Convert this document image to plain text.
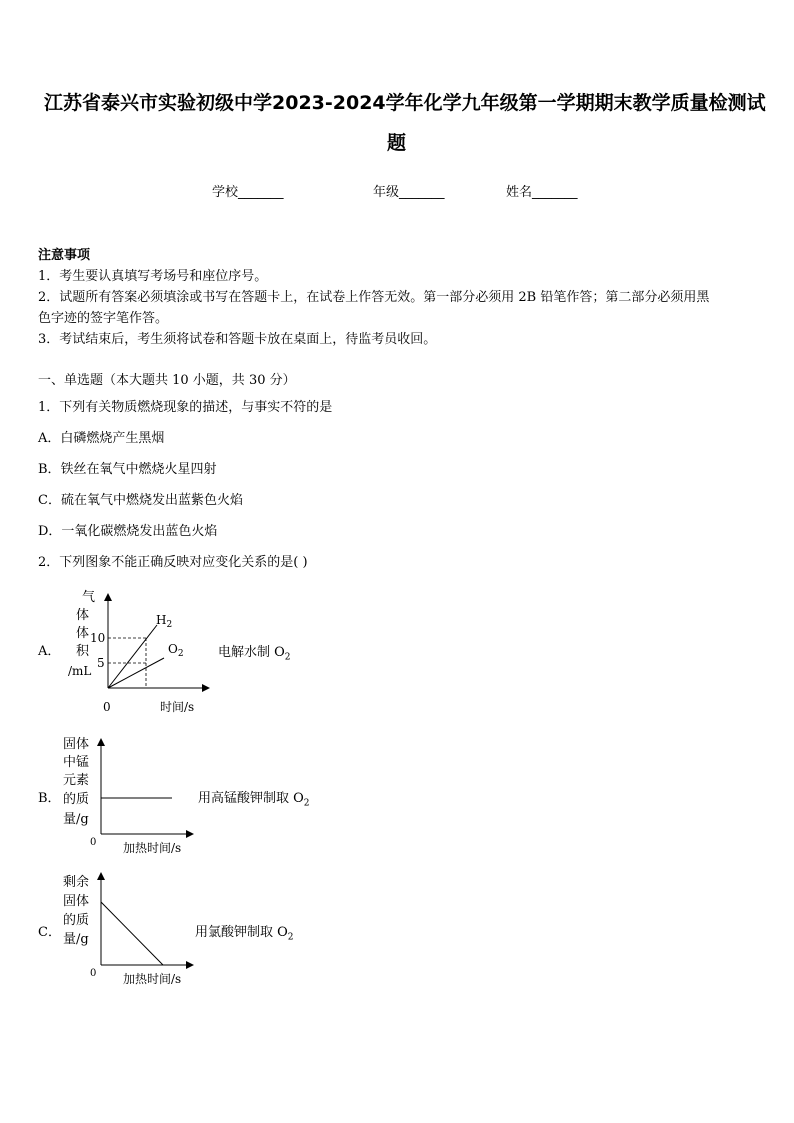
江苏省泰兴市实验初级中学2023-2024学年化学九年级第一学期期末教学质量检测试
题
学校_______	年级_______	姓名_______
注意事项
1．考生要认真填写考场号和座位序号。
2．试题所有答案必须填涂或书写在答题卡上，在试卷上作答无效。第一部分必须用 2B 铅笔作答；第二部分必须用黑
色字迹的签字笔作答。
3．考试结束后，考生须将试卷和答题卡放在桌面上，待监考员收回。
一、单选题（本大题共 10 小题，共 30 分）
1．下列有关物质燃烧现象的描述，与事实不符的是
A．白磷燃烧产生黑烟
B．铁丝在氧气中燃烧火星四射
C．硫在氧气中燃烧发出蓝紫色火焰
D．一氧化碳燃烧发出蓝色火焰
2．下列图象不能正确反映对应变化关系的是( )
A．
气
体
体
积
/mL
10
5
0	时间/s
$H_2$
$O_2$	电解水制 $O_2$
B．
固体
中锰
元素
的质
量/g
0 加热时间/s
用高锰酸钾制取 $O_2$
C．
剩余
固体
的质
量/g
0 加热时间/s
用氯酸钾制取 $O_2$
